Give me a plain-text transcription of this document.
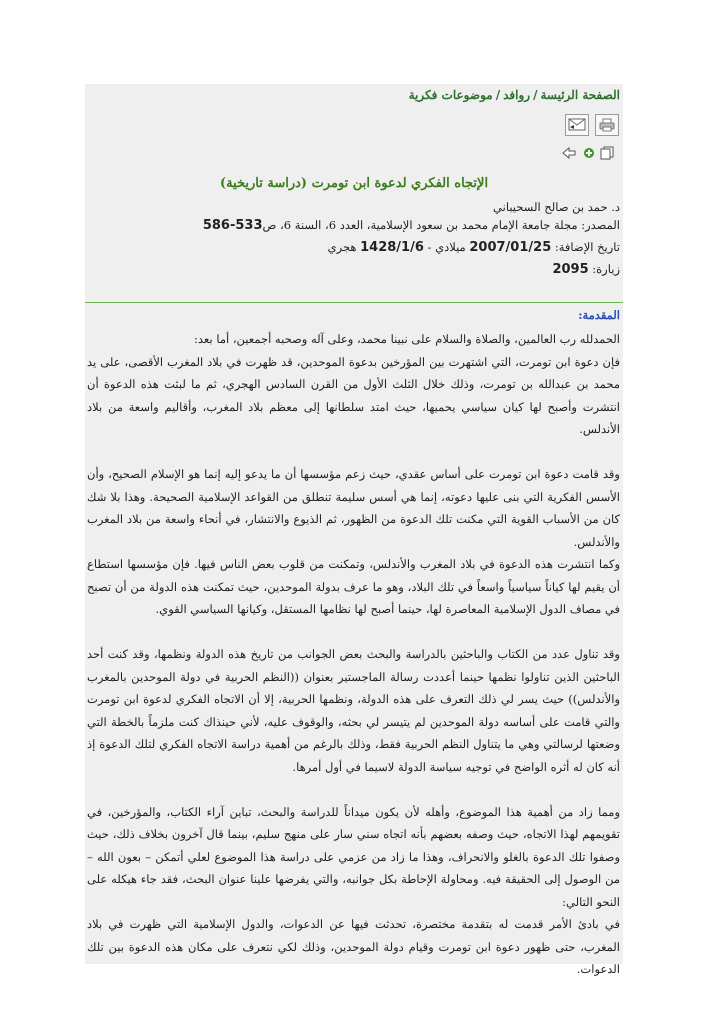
الصفحة الرئيسة/روافد/موضوعات فكرية
الإتجاه الفكري لدعوة ابن تومرت (دراسة تاريخية)
د. حمد بن صالح السحيباني
المصدر: مجلة جامعة الإمام محمد بن سعود الإسلامية، العدد 6، السنة 6، ص533-586
تاريخ الإضافة: 2007/01/25 ميلادي - 1428/1/6 هجري
زيارة: 2095
المقدمة:

الحمدلله رب العالمين، والصلاة والسلام على نبينا محمد، وعلى آله وصحبه أجمعين، أما بعد:

فإن دعوة ابن تومرت، التي اشتهرت بين المؤرخين بدعوة الموحدين، قد ظهرت في بلاد المغرب الأقصى، على يد محمد بن عبدالله بن تومرت، وذلك خلال الثلث الأول من القرن السادس الهجري، ثم ما لبثت هذه الدعوة أن انتشرت وأصبح لها كيان سياسي يحميها، حيث امتد سلطانها إلى معظم بلاد المغرب، وأقاليم واسعة من بلاد الأندلس.

وقد قامت دعوة ابن تومرت على أساس عقدي، حيث زعم مؤسسها أن ما يدعو إليه إنما هو الإسلام الصحيح، وأن الأسس الفكرية التي بنى عليها دعوته، إنما هي أسس سليمة تنطلق من القواعد الإسلامية الصحيحة. وهذا بلا شك كان من الأسباب القوية التي مكنت تلك الدعوة من الظهور، ثم الذيوع والانتشار، في أنحاء واسعة من بلاد المغرب والأندلس.

وكما انتشرت هذه الدعوة في بلاد المغرب والأندلس، وتمكنت من قلوب بعض الناس فيها. فإن مؤسسها استطاع أن يقيم لها كياناً سياسياً واسعاً في تلك البلاد، وهو ما عرف بدولة الموحدين، حيث تمكنت هذه الدولة من أن تصبح في مصاف الدول الإسلامية المعاصرة لها، حينما أصبح لها نظامها المستقل، وكيانها السياسي القوي.

وقد تناول عدد من الكتاب والباحثين بالدراسة والبحث بعض الجوانب من تاريخ هذه الدولة ونظمها، وقد كنت أحد الباحثين الذين تناولوا نظمها حينما أعددت رسالة الماجستير بعنوان ((النظم الحربية في دولة الموحدين بالمغرب والأندلس)) حيث يسر لي ذلك التعرف على هذه الدولة، ونظمها الحربية، إلا أن الاتجاه الفكري لدعوة ابن تومرت والتي قامت على أساسه دولة الموحدين لم يتيسر لي بحثه، والوقوف عليه، لأني حينذاك كنت ملزماً بالخطة التي وضعتها لرسالتي وهي ما يتناول النظم الحربية فقط، وذلك بالرغم من أهمية دراسة الاتجاه الفكري لتلك الدعوة إذ أنه كان له أثره الواضح في توجيه سياسة الدولة لاسيما في أول أمرها.

ومما زاد من أهمية هذا الموضوع، وأهله لأن يكون ميداناً للدراسة والبحث، تباين آراء الكتاب، والمؤرخين، في تقويمهم لهذا الاتجاه، حيث وصفه بعضهم بأنه اتجاه سني سار على منهج سليم، بينما قال آخرون بخلاف ذلك، حيث وصفوا تلك الدعوة بالغلو والانحراف، وهذا ما زاد من عزمي على دراسة هذا الموضوع لعلي أتمكن – بعون الله – من الوصول إلى الحقيقة فيه. ومحاولة الإحاطة بكل جوانبه، والتي يفرضها علينا عنوان البحث، فقد جاء هيكله على النحو التالي:

في بادئ الأمر قدمت له بتقدمة مختصرة، تحدثت فيها عن الدعوات، والدول الإسلامية التي ظهرت في بلاد المغرب، حتى ظهور دعوة ابن تومرت وقيام دولة الموحدين، وذلك لكي نتعرف على مكان هذه الدعوة بين تلك الدعوات.
